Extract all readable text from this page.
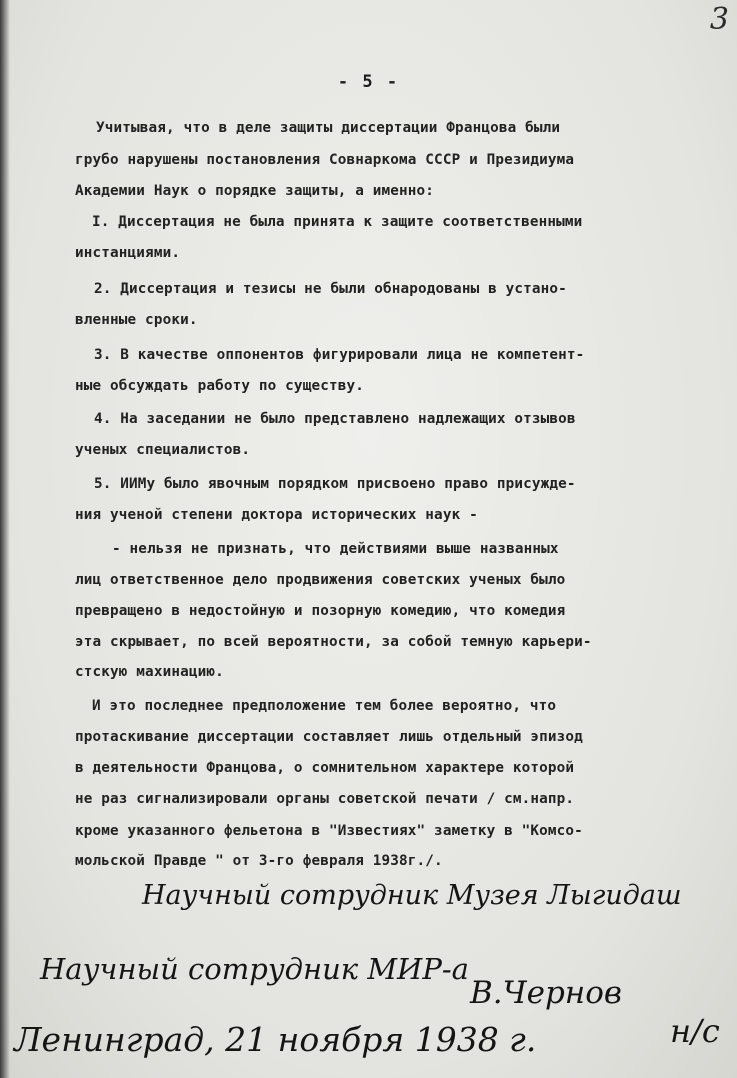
3
- 5 -
Учитывая, что в деле защиты диссертации Францова были
грубо нарушены постановления Совнаркома СССР и Президиума
Академии Наук о порядке защиты, а именно:
I. Диссертация не была принята к защите соответственными
инстанциями.
2. Диссертация и тезисы не были обнародованы в устано-
вленные сроки.
3. В качестве оппонентов фигурировали лица не компетент-
ные обсуждать работу по существу.
4. На заседании не было представлено надлежащих отзывов
ученых специалистов.
5. ИИМу было явочным порядком присвоено право присужде-
ния ученой степени доктора исторических наук -
- нельзя не признать, что действиями выше названных
лиц ответственное дело продвижения советских ученых было
превращено в недостойную и позорную комедию, что комедия
эта скрывает, по всей вероятности, за собой темную карьери-
стскую махинацию.
И это последнее предположение тем более вероятно, что
протаскивание диссертации составляет лишь отдельный эпизод
в деятельности Францова, о сомнительном характере которой
не раз сигнализировали органы советской печати / см.напр.
кроме указанного фельетона в "Известиях" заметку в "Комсо-
мольской Правде " от 3-го февраля 1938г./.
Научный сотрудник Музея Лыгидаш
Научный сотрудник МИР-а
В.Чернов
н/с
Ленинград, 21 ноября 1938 г.
